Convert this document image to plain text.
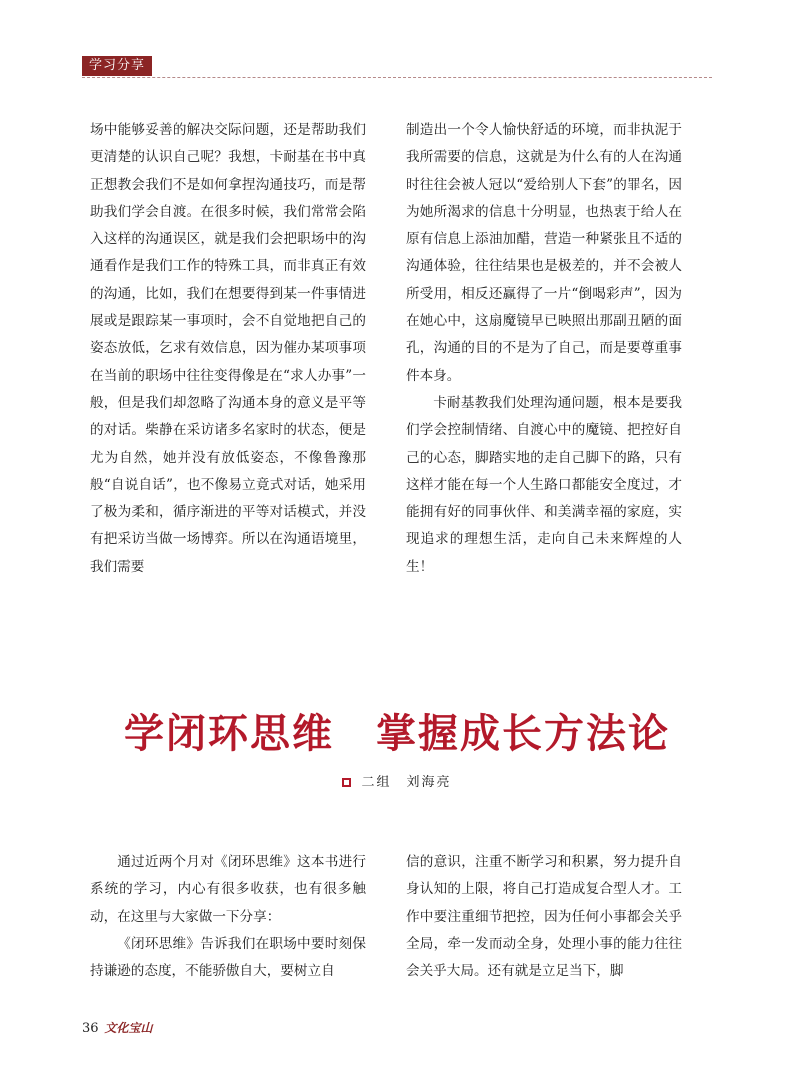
学习分享

场中能够妥善的解决交际问题，还是帮助我们更清楚的认识自己呢？我想，卡耐基在书中真正想教会我们不是如何拿捏沟通技巧，而是帮助我们学会自渡。在很多时候，我们常常会陷入这样的沟通误区，就是我们会把职场中的沟通看作是我们工作的特殊工具，而非真正有效的沟通，比如，我们在想要得到某一件事情进展或是跟踪某一事项时，会不自觉地把自己的姿态放低，乞求有效信息，因为催办某项事项在当前的职场中往往变得像是在“求人办事”一般，但是我们却忽略了沟通本身的意义是平等的对话。柴静在采访诸多名家时的状态，便是尤为自然，她并没有放低姿态，不像鲁豫那般“自说自话”，也不像易立竟式对话，她采用了极为柔和，循序渐进的平等对话模式，并没有把采访当做一场博弈。所以在沟通语境里，我们需要

制造出一个令人愉快舒适的环境，而非执泥于我所需要的信息，这就是为什么有的人在沟通时往往会被人冠以“爱给别人下套”的罪名，因为她所渴求的信息十分明显，也热衷于给人在原有信息上添油加醋，营造一种紧张且不适的沟通体验，往往结果也是极差的，并不会被人所受用，相反还赢得了一片“倒喝彩声”，因为在她心中，这扇魔镜早已映照出那副丑陋的面孔，沟通的目的不是为了自己，而是要尊重事件本身。

卡耐基教我们处理沟通问题，根本是要我们学会控制情绪、自渡心中的魔镜、把控好自己的心态，脚踏实地的走自己脚下的路，只有这样才能在每一个人生路口都能安全度过，才能拥有好的同事伙伴、和美满幸福的家庭，实现追求的理想生活，走向自己未来辉煌的人生！

学闭环思维　掌握成长方法论
二组　刘海亮

通过近两个月对《闭环思维》这本书进行系统的学习，内心有很多收获，也有很多触动，在这里与大家做一下分享：

《闭环思维》告诉我们在职场中要时刻保持谦逊的态度，不能骄傲自大，要树立自

信的意识，注重不断学习和积累，努力提升自身认知的上限，将自己打造成复合型人才。工作中要注重细节把控，因为任何小事都会关乎全局，牵一发而动全身，处理小事的能力往往会关乎大局。还有就是立足当下，脚

36 文化宝山
